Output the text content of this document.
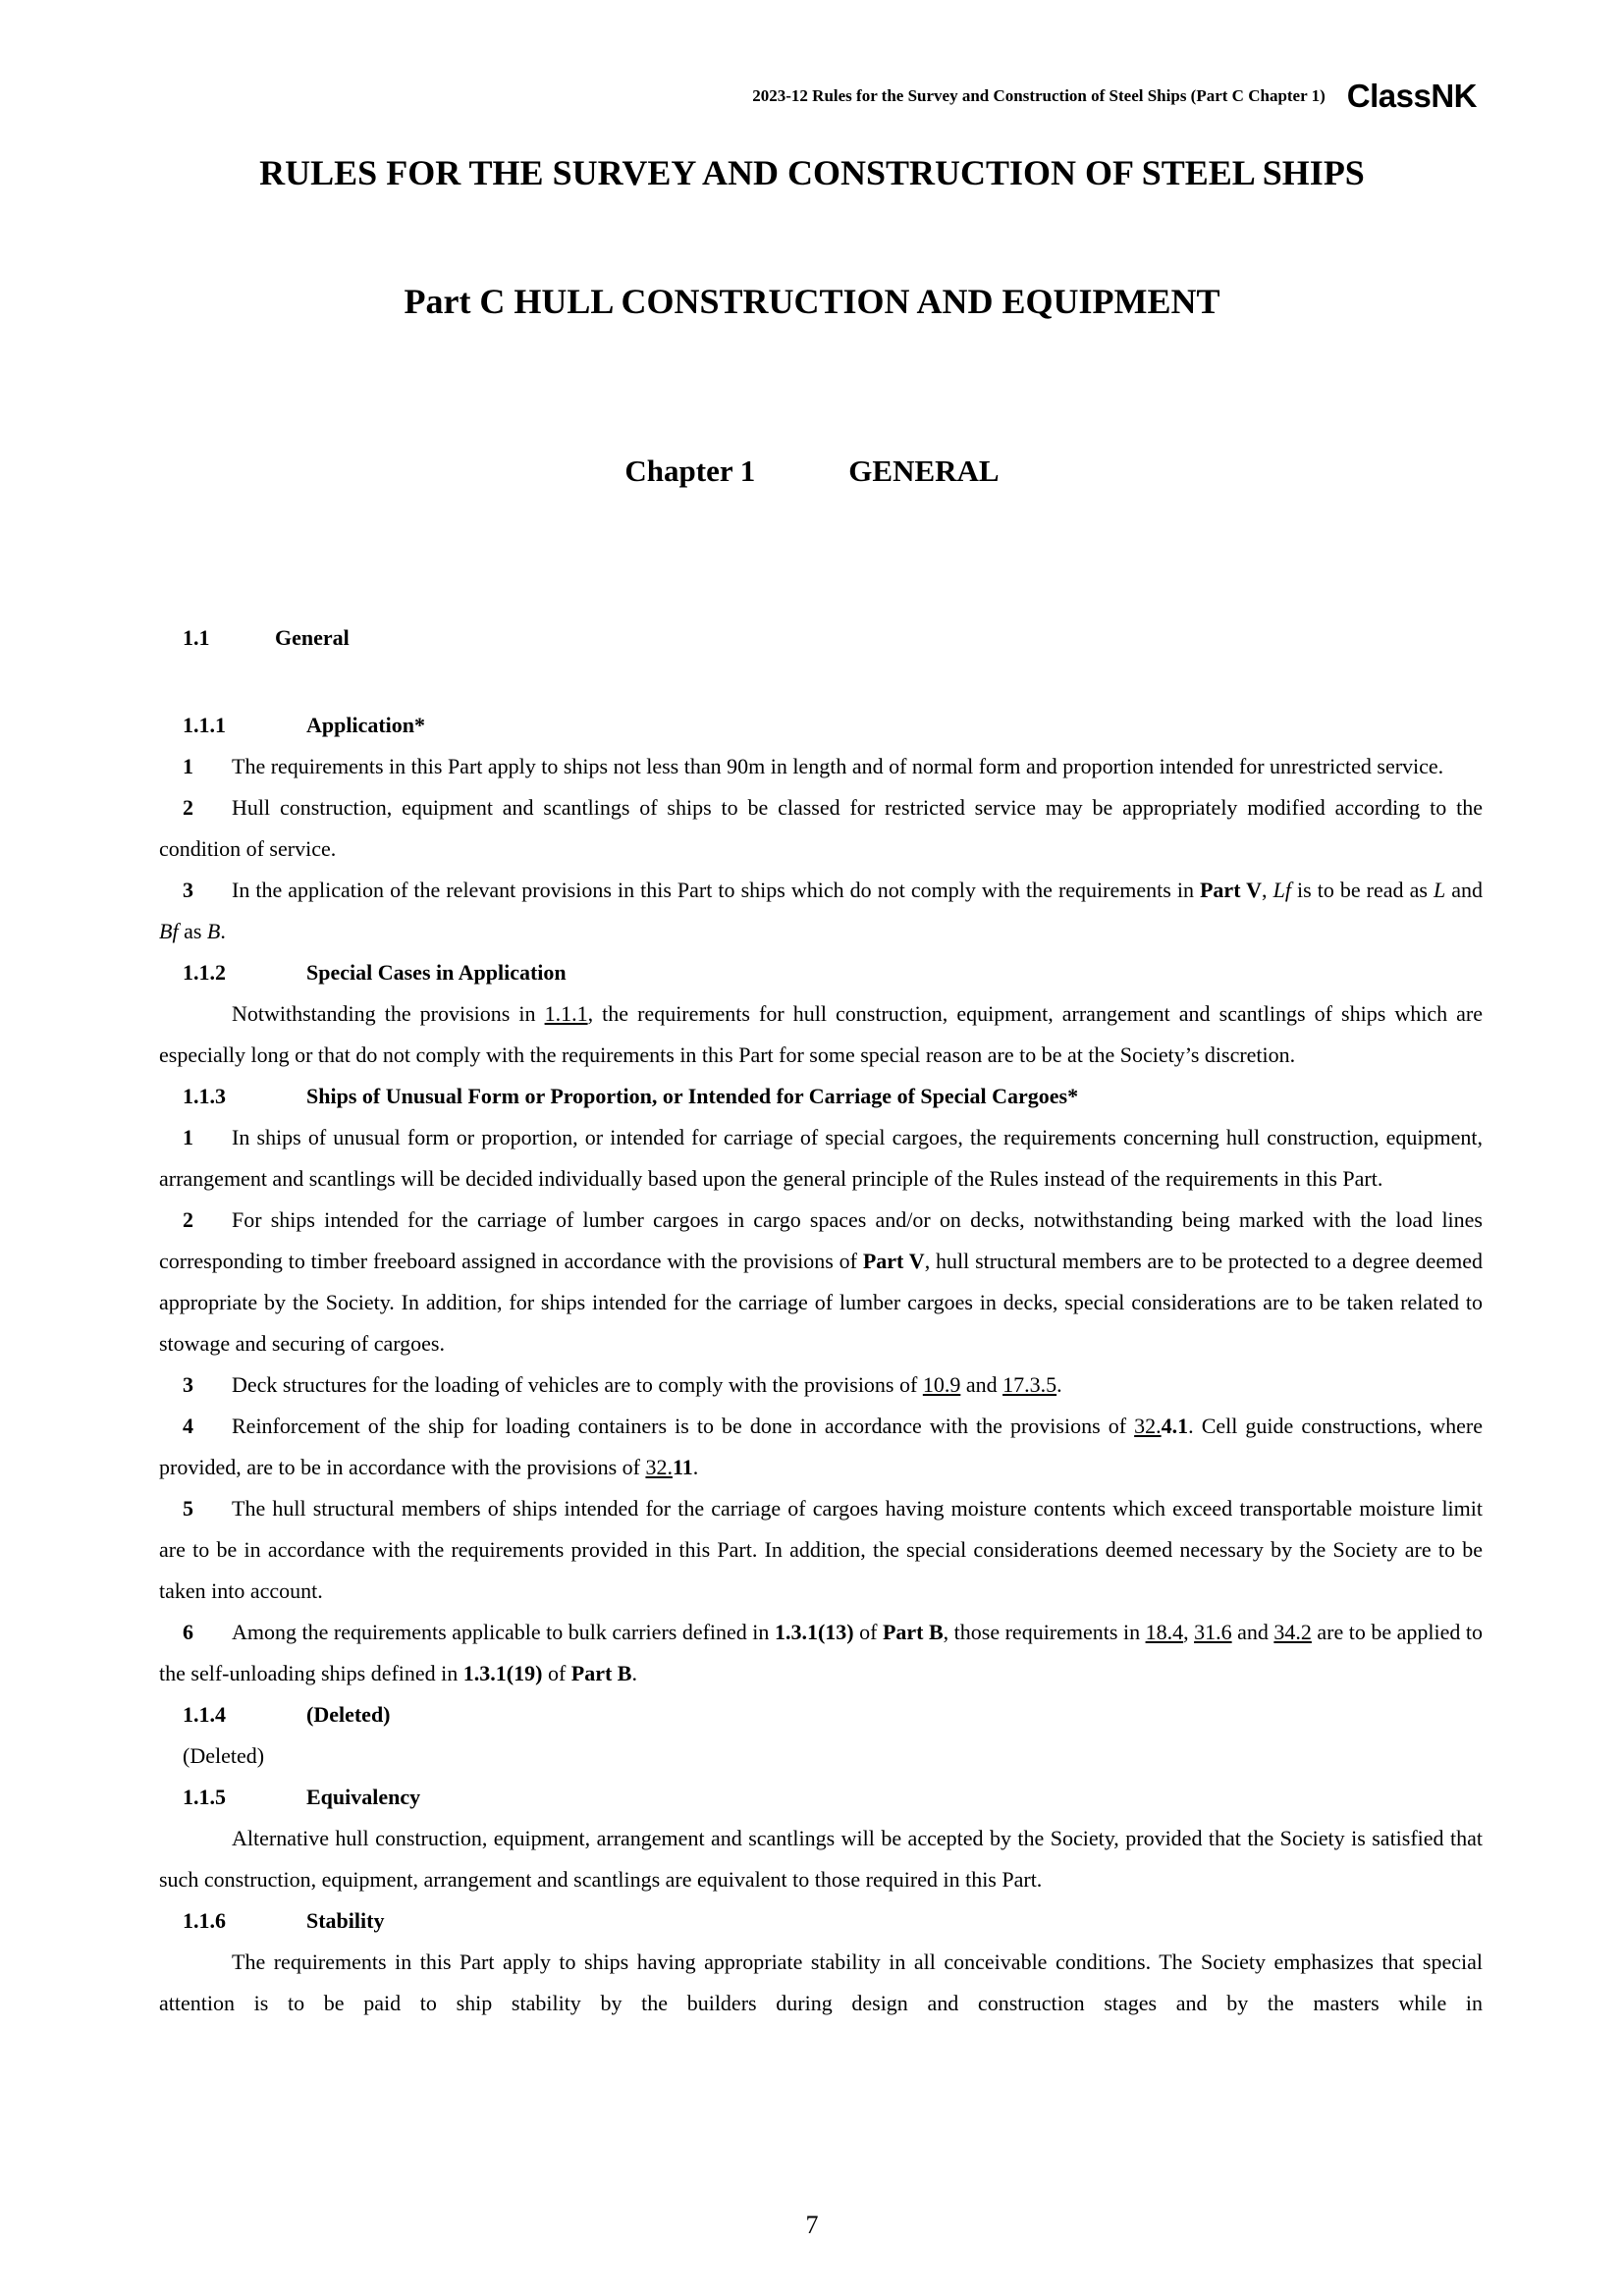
2023-12 Rules for the Survey and Construction of Steel Ships (Part C Chapter 1) ClassNK
RULES FOR THE SURVEY AND CONSTRUCTION OF STEEL SHIPS
Part C HULL CONSTRUCTION AND EQUIPMENT
Chapter 1	GENERAL
1.1	General
1.1.1	Application*

1 The requirements in this Part apply to ships not less than 90m in length and of normal form and proportion intended for unrestricted service.

2 Hull construction, equipment and scantlings of ships to be classed for restricted service may be appropriately modified according to the condition of service.

3 In the application of the relevant provisions in this Part to ships which do not comply with the requirements in Part V, Lf is to be read as L and Bf as B.

1.1.2	Special Cases in Application

Notwithstanding the provisions in 1.1.1, the requirements for hull construction, equipment, arrangement and scantlings of ships which are especially long or that do not comply with the requirements in this Part for some special reason are to be at the Society’s discretion.

1.1.3	Ships of Unusual Form or Proportion, or Intended for Carriage of Special Cargoes*

1 In ships of unusual form or proportion, or intended for carriage of special cargoes, the requirements concerning hull construction, equipment, arrangement and scantlings will be decided individually based upon the general principle of the Rules instead of the requirements in this Part.

2 For ships intended for the carriage of lumber cargoes in cargo spaces and/or on decks, notwithstanding being marked with the load lines corresponding to timber freeboard assigned in accordance with the provisions of Part V, hull structural members are to be protected to a degree deemed appropriate by the Society. In addition, for ships intended for the carriage of lumber cargoes in decks, special considerations are to be taken related to stowage and securing of cargoes.

3 Deck structures for the loading of vehicles are to comply with the provisions of 10.9 and 17.3.5.

4 Reinforcement of the ship for loading containers is to be done in accordance with the provisions of 32.4.1. Cell guide constructions, where provided, are to be in accordance with the provisions of 32.11.

5 The hull structural members of ships intended for the carriage of cargoes having moisture contents which exceed transportable moisture limit are to be in accordance with the requirements provided in this Part. In addition, the special considerations deemed necessary by the Society are to be taken into account.

6 Among the requirements applicable to bulk carriers defined in 1.3.1(13) of Part B, those requirements in 18.4, 31.6 and 34.2 are to be applied to the self-unloading ships defined in 1.3.1(19) of Part B.

1.1.4	(Deleted)
(Deleted)
1.1.5	Equivalency

Alternative hull construction, equipment, arrangement and scantlings will be accepted by the Society, provided that the Society is satisfied that such construction, equipment, arrangement and scantlings are equivalent to those required in this Part.

1.1.6	Stability

The requirements in this Part apply to ships having appropriate stability in all conceivable conditions. The Society emphasizes that special attention is to be paid to ship stability by the builders during design and construction stages and by the masters while in

7
